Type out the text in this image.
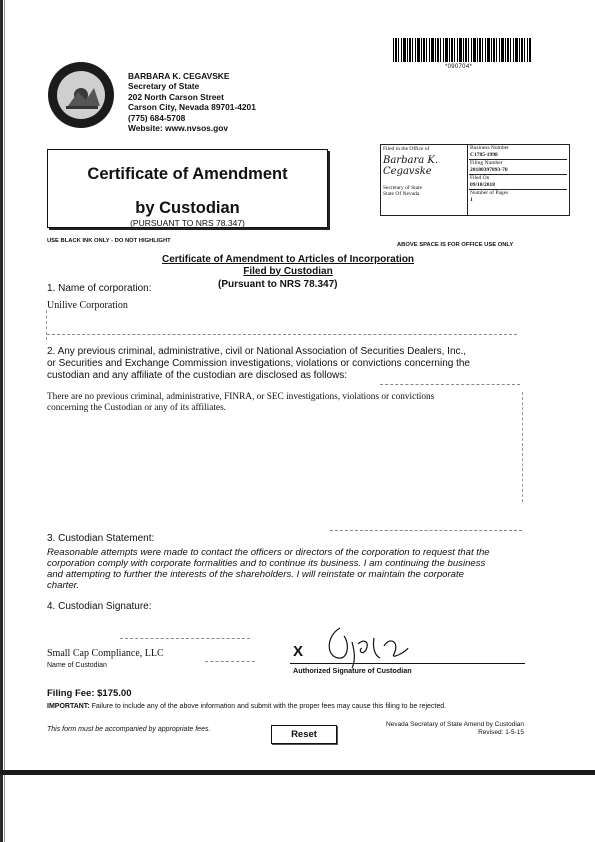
*090704*
BARBARA K. CEGAVSKE
Secretary of State
202 North Carson Street
Carson City, Nevada 89701-4201
(775) 684-5708
Website: www.nvsos.gov
Certificate of Amendment
by Custodian
(PURSUANT TO NRS 78.347)
Filed in the Office of
Barbara K. Cegavske
Secretary of State
State Of Nevada
Business Number
C1785-1998
Filing Number
20180397893-70
Filed On
09/10/2018
Number of Pages
1
USE BLACK INK ONLY - DO NOT HIGHLIGHT
ABOVE SPACE IS FOR OFFICE USE ONLY
Certificate of Amendment to Articles of Incorporation
Filed by Custodian
(Pursuant to NRS 78.347)
1. Name of corporation:
Unilive Corporation
2. Any previous criminal, administrative, civil or National Association of Securities Dealers, Inc.,
or Securities and Exchange Commission investigations, violations or convictions concerning the
custodian and any affiliate of the custodian are disclosed as follows:
There are no previous criminal, administrative, FINRA, or SEC investigations, violations or convictions
concerning the Custodian or any of its affiliates.
3. Custodian Statement:
Reasonable attempts were made to contact the officers or directors of the corporation to request that the
corporation comply with corporate formalities and to continue its business. I am continuing the business
and attempting to further the interests of the shareholders. I will reinstate or maintain the corporate
charter.
4. Custodian Signature:
Small Cap Compliance, LLC
Name of Custodian
X
Authorized Signature of Custodian
Filing Fee: $175.00
IMPORTANT: Failure to include any of the above information and submit with the proper fees may cause this filing to be rejected.
This form must be accompanied by appropriate fees.	Reset
Nevada Secretary of State Amend by Custodian
Revised: 1-5-15
